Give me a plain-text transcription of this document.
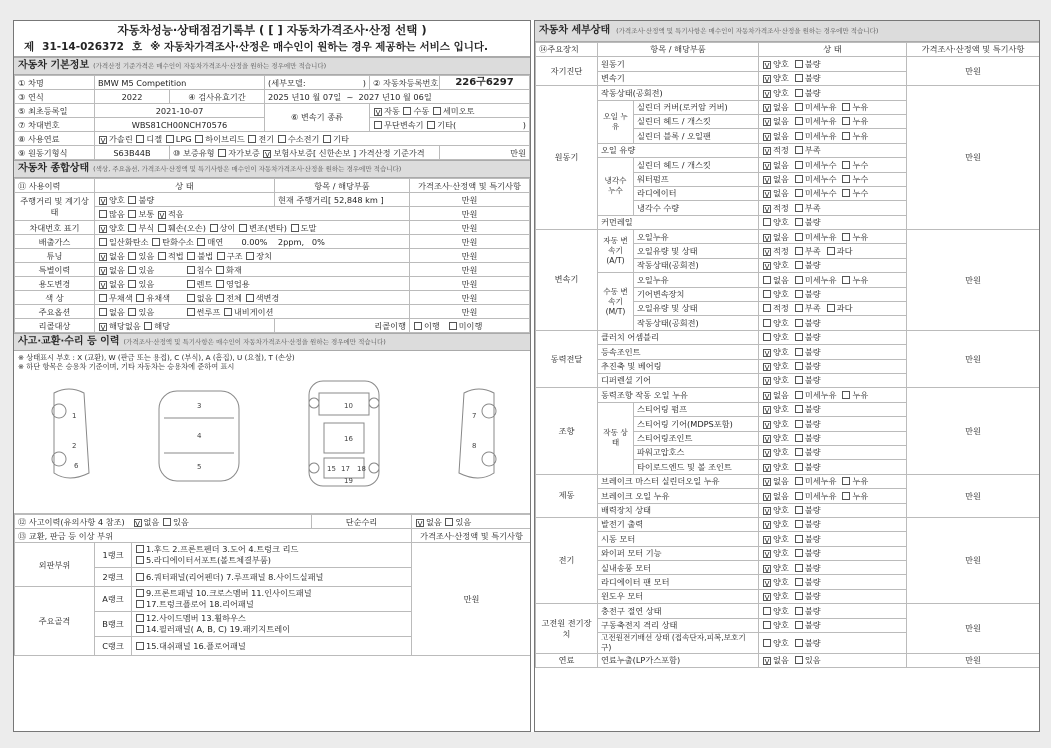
자동차성능·상태점검기록부 ( [ ] 자동차가격조사·산정 선택 )
제 31-14-026372 호 ※ 자동차가격조사·산정은 매수인이 원하는 경우 제공하는 서비스 입니다.
자동차 기본정보 (가격산정 기준가격은 매수인이 자동차가격조사·산정을 원하는 경우에만 적습니다)
① 차명	BMW M5 Competition		(세부모델: )	② 자동차등록번호	226구6297
③ 연식	2022	④ 검사유효기간	2025 년10 월 07일 ~ 2027 년10 월 06일		
⑤ 최초등록일	2021-10-07		⑥ 변속기 종류	V자동 수동 세미오토
⑦ 차대번호	WBS81CH00NCH70576			무단변속기 기타( )	

⑧ 사용연료	V가솔린 디젤 LPG 하이브리드 전기 수소전기 기타
⑨ 원동기형식	S63B44B	⑩ 보증유형 자가보증 V 보험사보증[ 신한손보 ] 가격산정 기준가격			만원
자동차 종합상태 (색상, 주요옵션, 가격조사·산정액 및 특기사항은 매수인이 자동차가격조사·산정을 원하는 경우에만 적습니다)
⑪ 사용이력	상 태	항목 / 해당부품	가격조사·산정액 및 특기사항
주행거리 및 계기상태	V양호 불량	현재 주행거리[ 52,848 km ]	만원
	많음 보통 V 적음		만원
차대번호 표기	V양호 부식 훼손(오손) 상이 변조(변타) 도말		만원
배출가스	일산화탄소 탄화수소 매연 0.00% 2ppm, 0%		만원
튜닝	V없음 있음 적법 불법 구조 장치		만원
특별이력	V없음 있음 침수 화재		만원
용도변경	V없음 있음 렌트 영업용		만원
색 상	무채색 유채색 없음 전체 색변경		만원
주요옵션	없음 있음 썬루프 내비게이션		만원
리콜대상	V해당없음 해당	리콜이행	이행 미이행
사고·교환·수리 등 이력 (가격조사·산정액 및 특기사항은 매수인이 자동차가격조사·산정을 원하는 경우에만 적습니다)
※ 상태표시 부호 : X (교환), W (판금 또는 용접), C (부식), A (흠집), U (요철), T (손상)
※ 하단 항목은 승용차 기준이며, 기타 자동차는 승용차에 준하여 표시
1
2
3
4
5
6
10
16
17
15	18
7
8
19
⑫ 사고이력(유의사항 4 참조) V 없음 있음			단순수리	V없음 있음
⑬ 교환, 판금 등 이상 부위				가격조사·산정액 및 특기사항
외판부위	1랭크	1.후드 2.프론트펜더 3.도어 4.트렁크 리드
5.라디에이터서포트(볼트체결부품)		만원
	2랭크	6.쿼터패널(리어펜더) 7.루프패널 8.사이드실패널		
주요골격	A랭크	9.프론트패널 10.크로스멤버 11.인사이드패널
17.트렁크플로어 18.리어패널		
	B랭크	12.사이드멤버 13.휠하우스
14.필러패널( A, B, C) 19.패키지트레이		
	C랭크	15.대쉬패널 16.플로어패널		
자동차 세부상태 (가격조사·산정액 및 특기사항은 매수인이 자동차가격조사·산정을 원하는 경우에만 적습니다)
⑭주요장치	항목 / 해당부품		상 태	가격조사·산정액 및 특기사항
자기진단	원동기	V양호 불량	만원
	변속기	V양호 불량
원동기	작동상태(공회전)	V양호 불량	만원
	오일 누유	실린더 커버(로커암 커버)	V없음 미세누유 누유
		실린더 헤드 / 개스킷	V없음 미세누유 누유
		실린더 블록 / 오일팬	V없음 미세누유 누유
	오일 유량	V적정 부족
	냉각수 누수	실린더 헤드 / 개스킷	V없음 미세누수 누수
		워터펌프	V없음 미세누수 누수
		라디에이터	V없음 미세누수 누수
		냉각수 수량	V적정 부족
	커먼레일		양호 불량	
변속기	자동 변속기 (A/T)	오일누유	V없음 미세누유 누유	만원
		오일유량 및 상태	V적정 부족 과다
		작동상태(공회전)	V양호 불량
	수동 변속기 (M/T)	오일누유	없음 미세누유 누유	
		기어변속장치	양호 불량	
		오일유량 및 상태	적정 부족 과다	
		작동상태(공회전)	양호 불량	
동력전달	클러치 어셈블리		양호 불량	만원
	등속조인트	V양호 불량
	추진축 및 베어링	V양호 불량
	디퍼렌셜 기어	V양호 불량
조향	동력조향 작동 오일 누유	V없음 미세누유 누유	만원
	작동 상태	스티어링 펌프	V양호 불량
		스티어링 기어(MDPS포함)	V양호 불량
		스티어링조인트	V양호 불량
		파워고압호스	V양호 불량
		타이로드엔드 및 볼 조인트	V양호 불량
제동	브레이크 마스터 실린더오일 누유	V없음 미세누유 누유	만원
	브레이크 오일 누유	V없음 미세누유 누유
	배력장치 상태	V양호 불량
전기	발전기 출력	V양호 불량	만원
	시동 모터	V양호 불량
	와이퍼 모터 기능	V양호 불량
	실내송풍 모터	V양호 불량
	라디에이터 팬 모터	V양호 불량
	윈도우 모터	V양호 불량
고전원 전기장치	충전구 절연 상태		양호 불량	만원
	구동축전지 격리 상태		양호 불량	
	고전원전기배선 상태 (접속단자,피복,보호기구)		양호 불량	
연료	연료누출(LP가스포함)	V없음 있음	만원
